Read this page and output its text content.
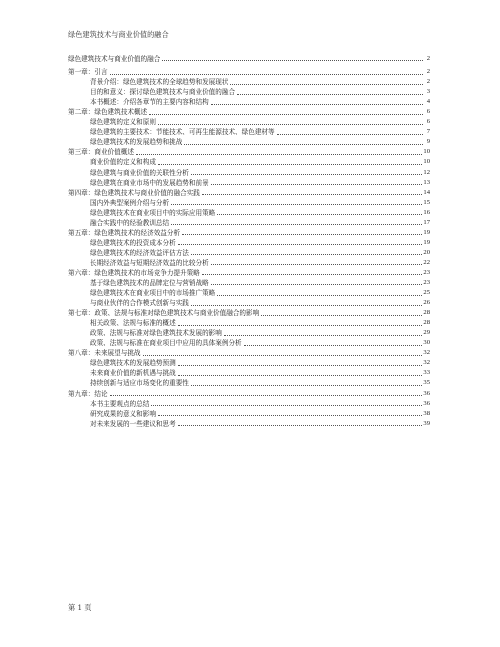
绿色建筑技术与商业价值的融合
绿色建筑技术与商业价值的融合	2
第一章：引言	2
背景介绍：绿色建筑技术的全球趋势和发展现状	2
目的和意义：探讨绿色建筑技术与商业价值的融合	3
本书概述：介绍各章节的主要内容和结构	4
第二章：绿色建筑技术概述	6
绿色建筑的定义和原则	6
绿色建筑的主要技术：节能技术、可再生能源技术、绿色建材等	7
绿色建筑技术的发展趋势和挑战	9
第三章：商业价值概述	10
商业价值的定义和构成	10
绿色建筑与商业价值的关联性分析	12
绿色建筑在商业市场中的发展趋势和前景	13
第四章：绿色建筑技术与商业价值的融合实践	14
国内外典型案例介绍与分析	15
绿色建筑技术在商业项目中的实际应用策略	16
融合实践中的经验教训总结	17
第五章：绿色建筑技术的经济效益分析	19
绿色建筑技术的投资成本分析	19
绿色建筑技术的经济效益评估方法	20
长期经济效益与短期经济效益的比较分析	22
第六章：绿色建筑技术的市场竞争力提升策略	23
基于绿色建筑技术的品牌定位与营销战略	23
绿色建筑技术在商业项目中的市场推广策略	25
与商业伙伴的合作模式创新与实践	26
第七章：政策、法规与标准对绿色建筑技术与商业价值融合的影响	28
相关政策、法规与标准的概述	28
政策、法规与标准对绿色建筑技术发展的影响	29
政策、法规与标准在商业项目中应用的具体案例分析	30
第八章：未来展望与挑战	32
绿色建筑技术的发展趋势预测	32
未来商业价值的新机遇与挑战	33
持续创新与适应市场变化的重要性	35
第九章：结论	36
本书主要观点的总结	36
研究成果的意义和影响	38
对未来发展的一些建议和思考	39
第 1 页
